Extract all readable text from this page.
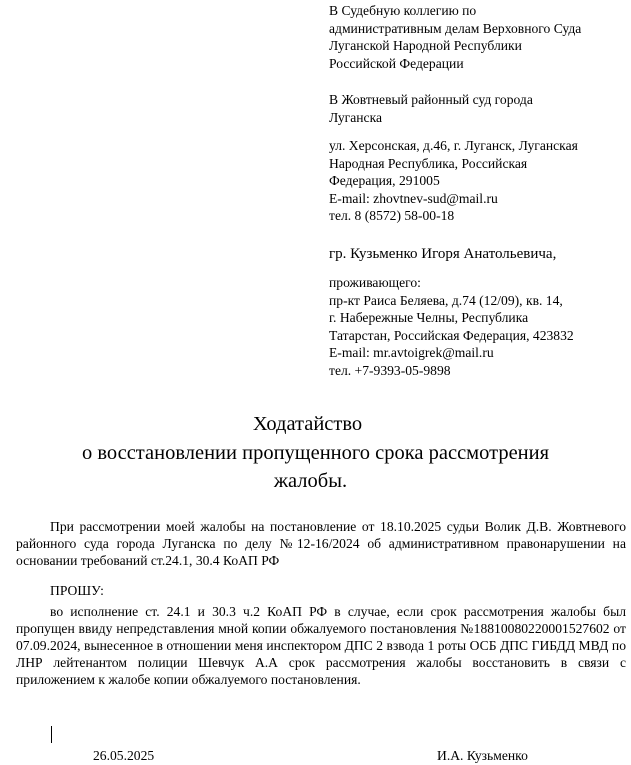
В Судебную коллегию по
административным делам Верховного Суда
Луганской Народной Республики
Российской Федерации
В Жовтневый районный суд города
Луганска
ул. Херсонская, д.46, г. Луганск, Луганская
Народная Республика, Российская
Федерация, 291005
E-mail: zhovtnev-sud@mail.ru
тел. 8 (8572) 58-00-18
гр. Кузьменко Игоря Анатольевича,
проживающего:
пр-кт Раиса Беляева, д.74 (12/09), кв. 14,
г. Набережные Челны, Республика
Татарстан, Российская Федерация, 423832
E-mail: mr.avtoigrek@mail.ru
тел. +7-9393-05-9898
Ходатайство
о восстановлении пропущенного срока рассмотрения
жалобы.
При рассмотрении моей жалобы на постановление от 18.10.2025 судьи Волик Д.В. Жовтневого районного суда города Луганска по делу №12-16/2024 об административном правонарушении на основании требований ст.24.1, 30.4 КоАП РФ
ПРОШУ:
во исполнение ст. 24.1 и 30.3 ч.2 КоАП РФ в случае, если срок рассмотрения жалобы был пропущен ввиду непредставления мной копии обжалуемого постановления №18810080220001527602 от 07.09.2024, вынесенное в отношении меня инспектором ДПС 2 взвода 1 роты ОСБ ДПС ГИБДД МВД по ЛНР лейтенантом полиции Шевчук А.А срок рассмотрения жалобы восстановить в связи с приложением к жалобе копии обжалуемого постановления.
26.05.2025	И.А. Кузьменко
